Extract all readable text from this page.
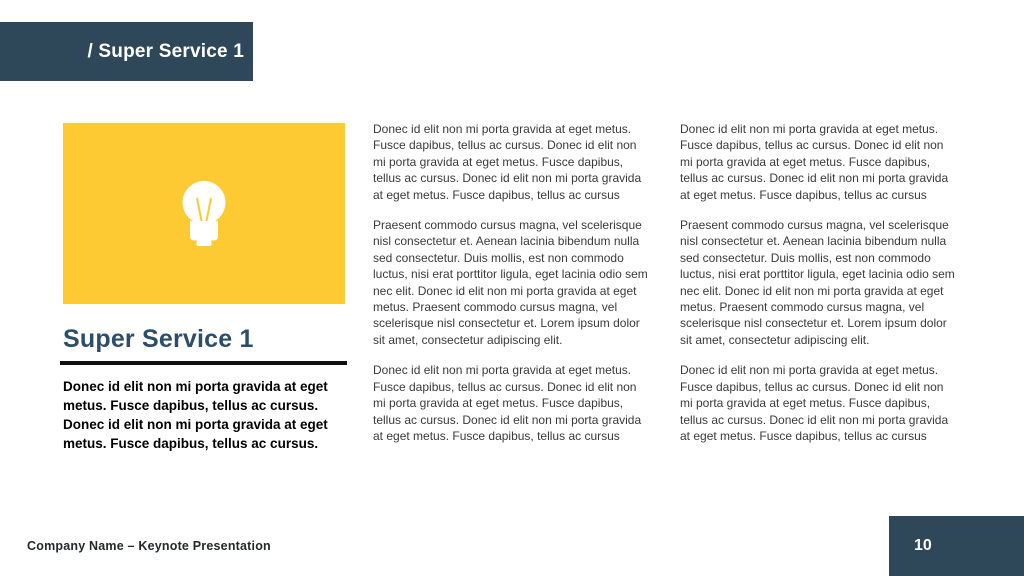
/ Super Service 1
Super Service 1
Donec id elit non mi porta gravida at eget metus. Fusce dapibus, tellus ac cursus. Donec id elit non mi porta gravida at eget metus. Fusce dapibus, tellus ac cursus.

Donec id elit non mi porta gravida at eget metus. Fusce dapibus, tellus ac cursus. Donec id elit non mi porta gravida at eget metus. Fusce dapibus, tellus ac cursus. Donec id elit non mi porta gravida at eget metus. Fusce dapibus, tellus ac cursus

Praesent commodo cursus magna, vel scelerisque nisl consectetur et. Aenean lacinia bibendum nulla sed consectetur. Duis mollis, est non commodo luctus, nisi erat porttitor ligula, eget lacinia odio sem nec elit. Donec id elit non mi porta gravida at eget metus. Praesent commodo cursus magna, vel scelerisque nisl consectetur et. Lorem ipsum dolor sit amet, consectetur adipiscing elit.

Donec id elit non mi porta gravida at eget metus. Fusce dapibus, tellus ac cursus. Donec id elit non mi porta gravida at eget metus. Fusce dapibus, tellus ac cursus. Donec id elit non mi porta gravida at eget metus. Fusce dapibus, tellus ac cursus

Donec id elit non mi porta gravida at eget metus. Fusce dapibus, tellus ac cursus. Donec id elit non mi porta gravida at eget metus. Fusce dapibus, tellus ac cursus. Donec id elit non mi porta gravida at eget metus. Fusce dapibus, tellus ac cursus

Praesent commodo cursus magna, vel scelerisque nisl consectetur et. Aenean lacinia bibendum nulla sed consectetur. Duis mollis, est non commodo luctus, nisi erat porttitor ligula, eget lacinia odio sem nec elit. Donec id elit non mi porta gravida at eget metus. Praesent commodo cursus magna, vel scelerisque nisl consectetur et. Lorem ipsum dolor sit amet, consectetur adipiscing elit.

Donec id elit non mi porta gravida at eget metus. Fusce dapibus, tellus ac cursus. Donec id elit non mi porta gravida at eget metus. Fusce dapibus, tellus ac cursus. Donec id elit non mi porta gravida at eget metus. Fusce dapibus, tellus ac cursus

Company Name – Keynote Presentation	10
